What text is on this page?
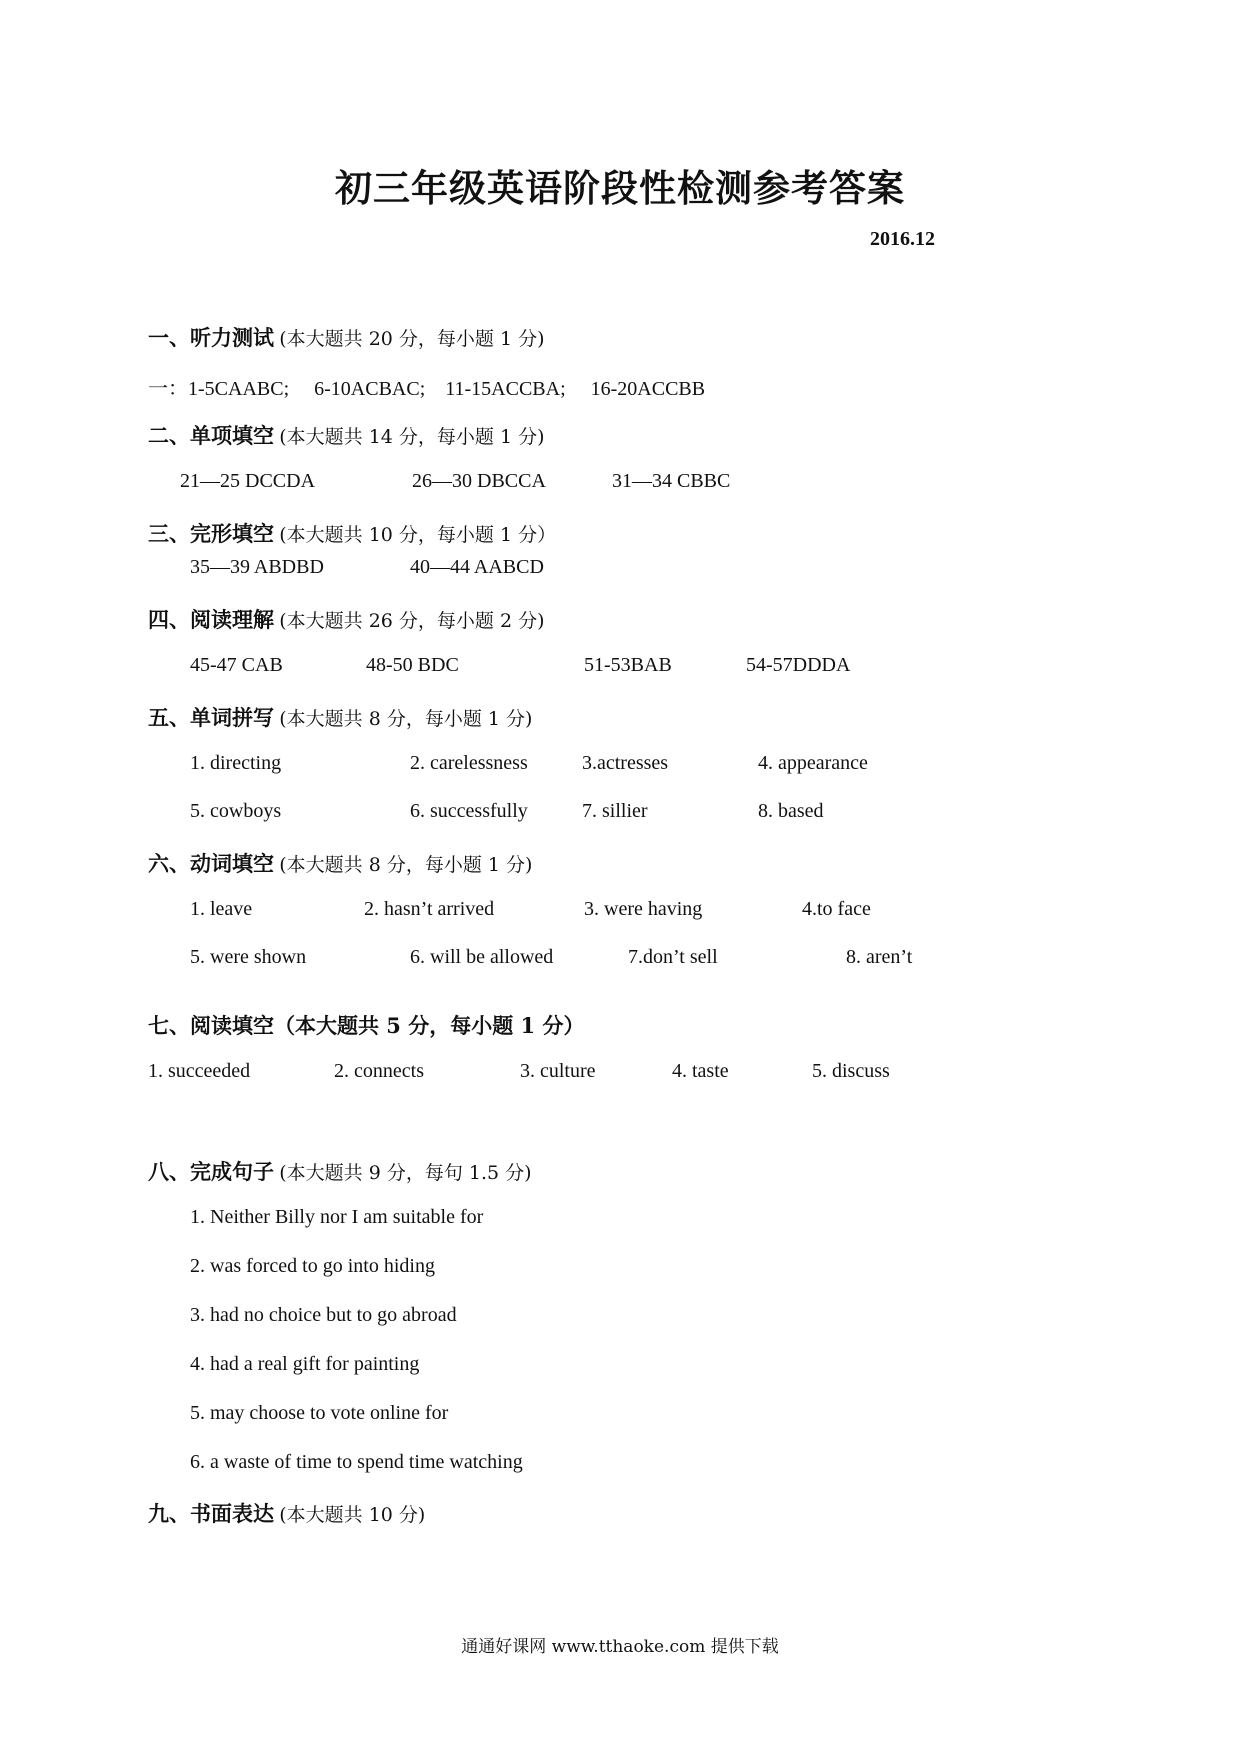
初三年级英语阶段性检测参考答案
2016.12
一、听力测试 (本大题共 20 分，每小题 1 分)
一：1-5CAABC;     6-10ACBAC;    11-15ACCBA;     16-20ACCBB
二、单项填空 (本大题共 14 分，每小题 1 分)
21—25 DCCDA	26—30 DBCCA	31—34 CBBC
三、完形填空 (本大题共 10 分，每小题 1 分）
35—39 ABDBD	40—44 AABCD
四、阅读理解 (本大题共 26 分，每小题 2 分)
45-47 CAB	48-50 BDC	51-53BAB	54-57DDDA
五、单词拼写 (本大题共 8 分，每小题 1 分)
1. directing	2. carelessness	3.actresses	4. appearance
5. cowboys	6. successfully	7. sillier	8. based
六、动词填空 (本大题共 8 分，每小题 1 分)
1. leave	2. hasn’t arrived	3. were having	4.to face
5. were shown	6. will be allowed	7.don’t sell	8. aren’t
七、阅读填空（本大题共 5 分，每小题 1 分）
1. succeeded	2. connects	3. culture	4. taste	5. discuss
八、完成句子 (本大题共 9 分，每句 1.5 分)
1. Neither Billy nor I am suitable for
2. was forced to go into hiding
3. had no choice but to go abroad
4. had a real gift for painting
5. may choose to vote online for
6. a waste of time to spend time watching
九、书面表达 (本大题共 10 分)
通通好课网 www.tthaoke.com 提供下载
